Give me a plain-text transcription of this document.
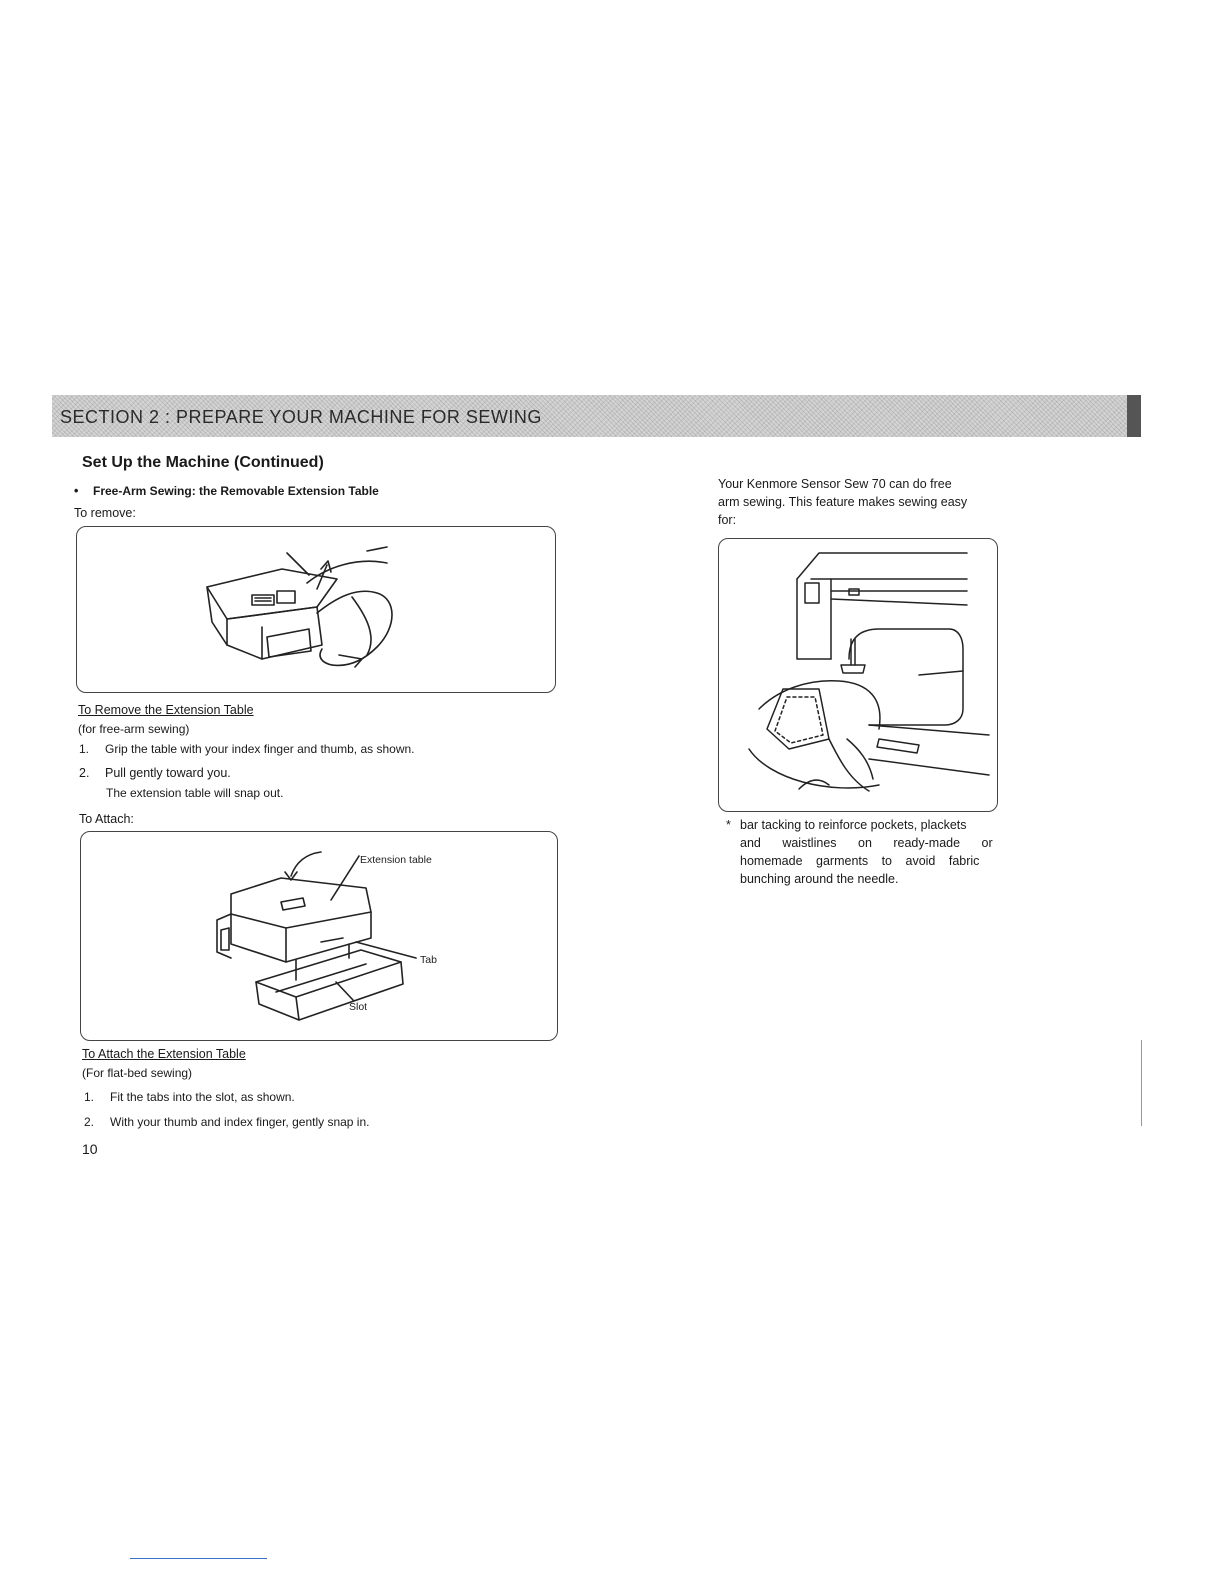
SECTION 2 : PREPARE YOUR MACHINE FOR SEWING
Set Up the Machine (Continued)
• Free-Arm Sewing: the Removable Extension Table
To remove:
To Remove the Extension Table
(for free-arm sewing)
1. Grip the table with your index finger and thumb, as shown.
2. Pull gently toward you.
The extension table will snap out.
To Attach:
Extension table
Tab
Slot
To Attach the Extension Table
(For flat-bed sewing)
1. Fit the tabs into the slot, as shown.
2. With your thumb and index finger, gently snap in.
10
Your Kenmore Sensor Sew 70 can do free
arm sewing. This feature makes sewing easy
for:
* bar tacking to reinforce pockets, plackets
and waistlines on ready-made or
homemade garments to avoid fabric
bunching around the needle.
